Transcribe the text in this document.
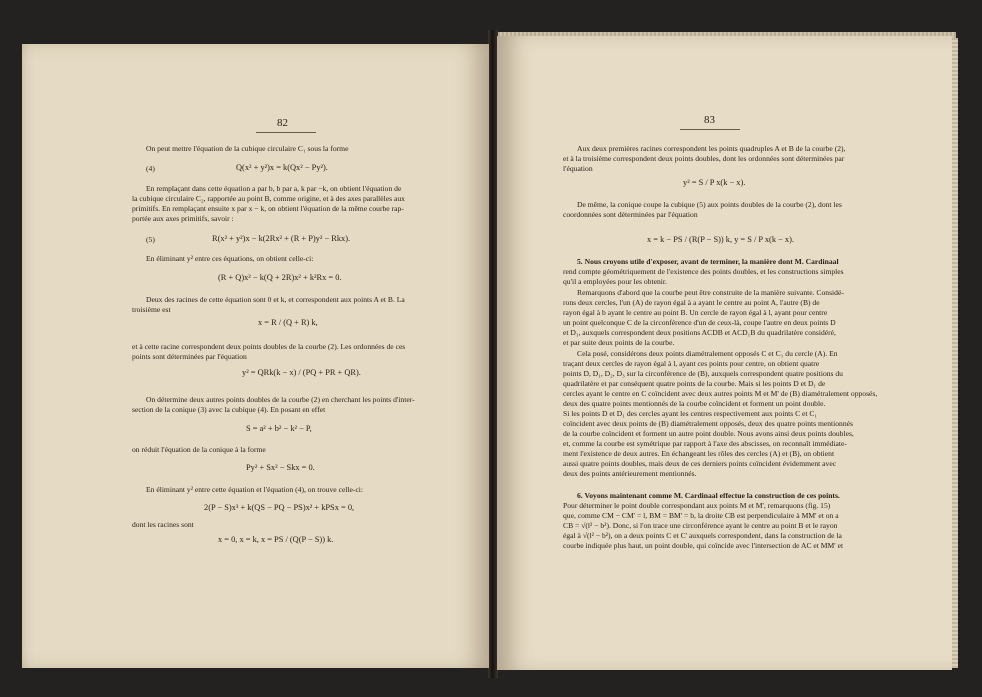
82
On peut mettre l'équation de la cubique circulaire C₁ sous la forme
(4)	Q(x² + y²)x = k(Qx² − Py²).
En remplaçant dans cette équation a par b, b par a, k par −k, on obtient l'équation de
la cubique circulaire C₂, rapportée au point B, comme origine, et à des axes parallèles aux
primitifs. En remplaçant ensuite x par x − k, on obtient l'équation de la même courbe rap-
portée aux axes primitifs, savoir :
(5)	R(x² + y²)x − k(2Rx² + (R + P)y² − Rkx).
En éliminant y² entre ces équations, on obtient celle-ci:
(R + Q)x² − k(Q + 2R)x² + k²Rx = 0.
Deux des racines de cette équation sont 0 et k, et correspondent aux points A et B. La
troisième est
x = R / (Q + R) k,
et à cette racine correspondent deux points doubles de la courbe (2). Les ordonnées de ces
points sont déterminées par l'équation
y² = QRk(k − x) / (PQ + PR + QR).
On détermine deux autres points doubles de la courbe (2) en cherchant les points d'inter-
section de la conique (3) avec la cubique (4). En posant en effet
S = a² + b² − k² − P,
on réduit l'équation de la conique à la forme
Py² + Sx² − Skx = 0.
En éliminant y² entre cette équation et l'équation (4), on trouve celle-ci:
2(P − S)x³ + k(QS − PQ − PS)x² + kPSx = 0,
dont les racines sont
x = 0, x = k, x = PS / (Q(P − S)) k.
83
Aux deux premières racines correspondent les points quadruples A et B de la courbe (2),
et à la troisième correspondent deux points doubles, dont les ordonnées sont déterminées par
l'équation
y² = S / P x(k − x).
De même, la conique coupe la cubique (5) aux points doubles de la courbe (2), dont les
coordonnées sont déterminées par l'équation
x = k − PS / (R(P − S)) k, y = S / P x(k − x).
5. Nous croyons utile d'exposer, avant de terminer, la manière dont M. Cardinaal
rend compte géométriquement de l'existence des points doubles, et les constructions simples
qu'il a employées pour les obtenir.
Remarquons d'abord que la courbe peut être construite de la manière suivante. Considé-
rons deux cercles, l'un (A) de rayon égal à a ayant le centre au point A, l'autre (B) de
rayon égal à b ayant le centre au point B. Un cercle de rayon égal à l, ayant pour centre
un point quelconque C de la circonférence d'un de ceux-là, coupe l'autre en deux points D
et D₁, auxquels correspondent deux positions ACDB et ACD₁B du quadrilatère considéré,
et par suite deux points de la courbe.
Cela posé, considérons deux points diamétralement opposés C et C₁ du cercle (A). En
traçant deux cercles de rayon égal à l, ayant ces points pour centre, on obtient quatre
points D, D₁, D₂, D₃ sur la circonférence de (B), auxquels correspondent quatre positions du
quadrilatère et par conséquent quatre points de la courbe. Mais si les points D et D₁ de
cercles ayant le centre en C coïncident avec deux autres points M et M' de (B) diamétralement opposés,
deux des quatre points mentionnés de la courbe coïncident et forment un point double.
Si les points D et D₁ des cercles ayant les centres respectivement aux points C et C₁
coïncident avec deux points de (B) diamétralement opposés, deux des quatre points mentionnés
de la courbe coïncident et forment un autre point double. Nous avons ainsi deux points doubles,
et, comme la courbe est symétrique par rapport à l'axe des abscisses, on reconnaît immédiate-
ment l'existence de deux autres. En échangeant les rôles des cercles (A) et (B), on obtient
aussi quatre points doubles, mais deux de ces derniers points coïncident évidemment avec
deux des points antérieurement mentionnés.
6. Voyons maintenant comme M. Cardinaal effectue la construction de ces points.
Pour déterminer le point double correspondant aux points M et M', remarquons (fig. 15)
que, comme CM − CM' = l, BM = BM' = b, la droite CB est perpendiculaire à MM' et on a
CB = √(l² − b²). Donc, si l'on trace une circonférence ayant le centre au point B et le rayon
égal à √(l² − b²), on a deux points C et C' auxquels correspondent, dans la construction de la
courbe indiquée plus haut, un point double, qui coïncide avec l'intersection de AC et MM' et
